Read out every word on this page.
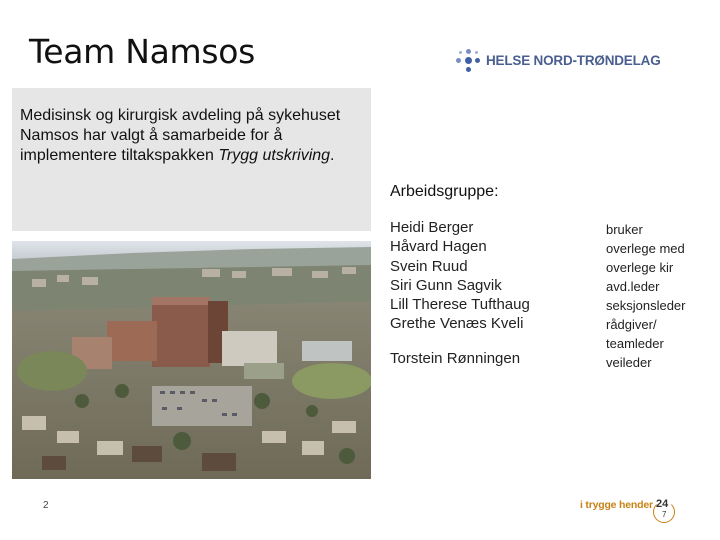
Team Namsos	HELSE NORD-TRØNDELAG

Medisinsk og kirurgisk avdeling på sykehuset Namsos har valgt å samarbeide for å implementere tiltakspakken Trygg utskriving.

Arbeidsgruppe:
Heidi Berger
Håvard Hagen
Svein Ruud
Siri Gunn Sagvik
Lill Therese Tufthaug
Grethe Venæs Kveli
Torstein Rønningen
bruker
overlege med
overlege kir
avd.leder
seksjonsleder
rådgiver/
teamleder
veileder
2	i trygge hender 24
7
